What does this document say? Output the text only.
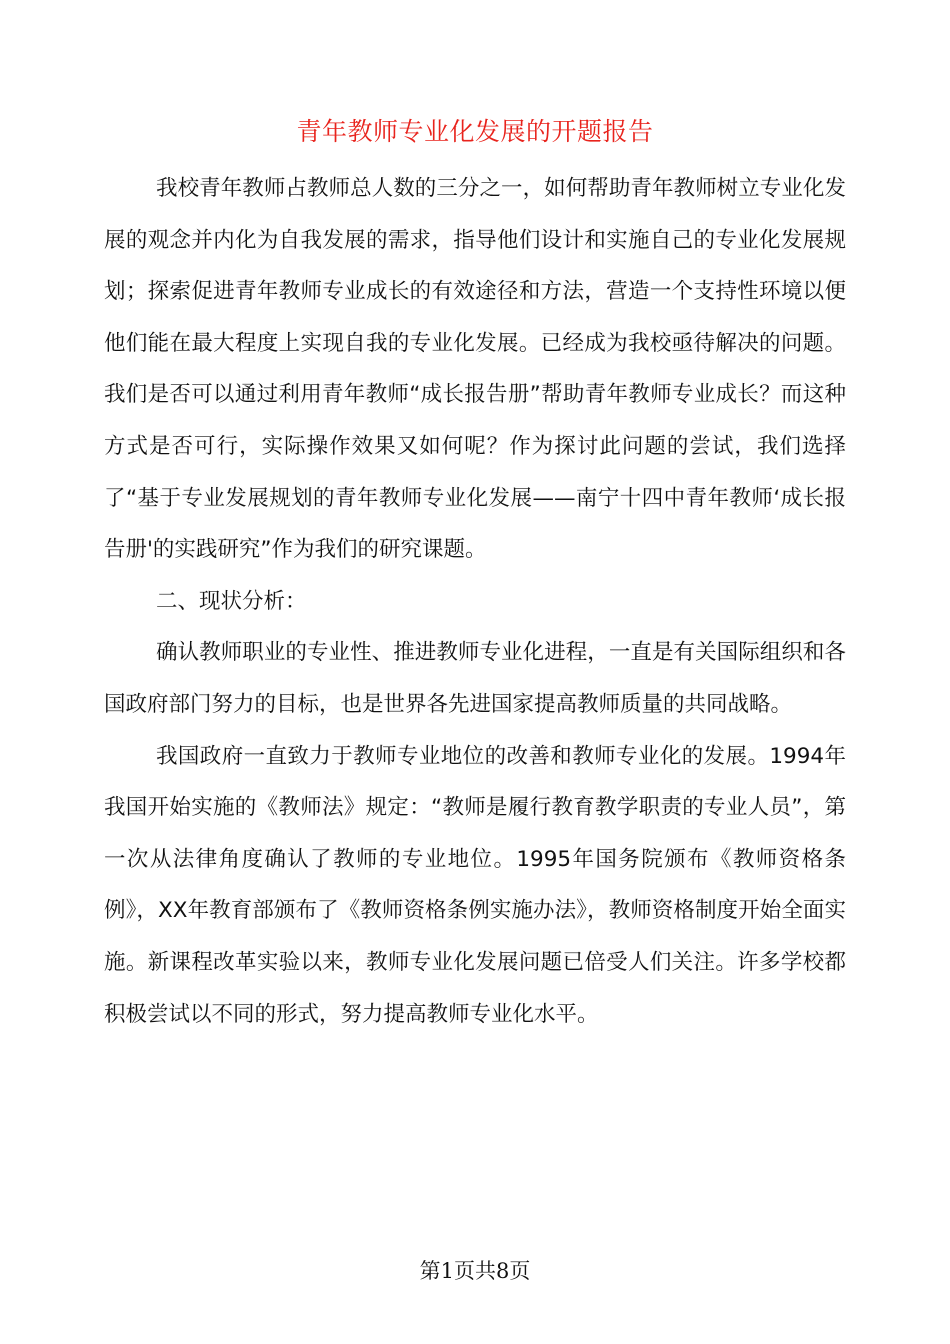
青年教师专业化发展的开题报告

我校青年教师占教师总人数的三分之一，如何帮助青年教师树立专业化发展的观念并内化为自我发展的需求，指导他们设计和实施自己的专业化发展规划；探索促进青年教师专业成长的有效途径和方法，营造一个支持性环境以便他们能在最大程度上实现自我的专业化发展。已经成为我校亟待解决的问题。我们是否可以通过利用青年教师“成长报告册”帮助青年教师专业成长？而这种方式是否可行，实际操作效果又如何呢？作为探讨此问题的尝试，我们选择了“基于专业发展规划的青年教师专业化发展——南宁十四中青年教师‘成长报告册'的实践研究”作为我们的研究课题。

二、现状分析：

确认教师职业的专业性、推进教师专业化进程，一直是有关国际组织和各国政府部门努力的目标，也是世界各先进国家提高教师质量的共同战略。

我国政府一直致力于教师专业地位的改善和教师专业化的发展。1994年我国开始实施的《教师法》规定：“教师是履行教育教学职责的专业人员”，第一次从法律角度确认了教师的专业地位。1995年国务院颁布《教师资格条例》，XX年教育部颁布了《教师资格条例实施办法》，教师资格制度开始全面实施。新课程改革实验以来，教师专业化发展问题已倍受人们关注。许多学校都积极尝试以不同的形式，努力提高教师专业化水平。

第1页共8页
